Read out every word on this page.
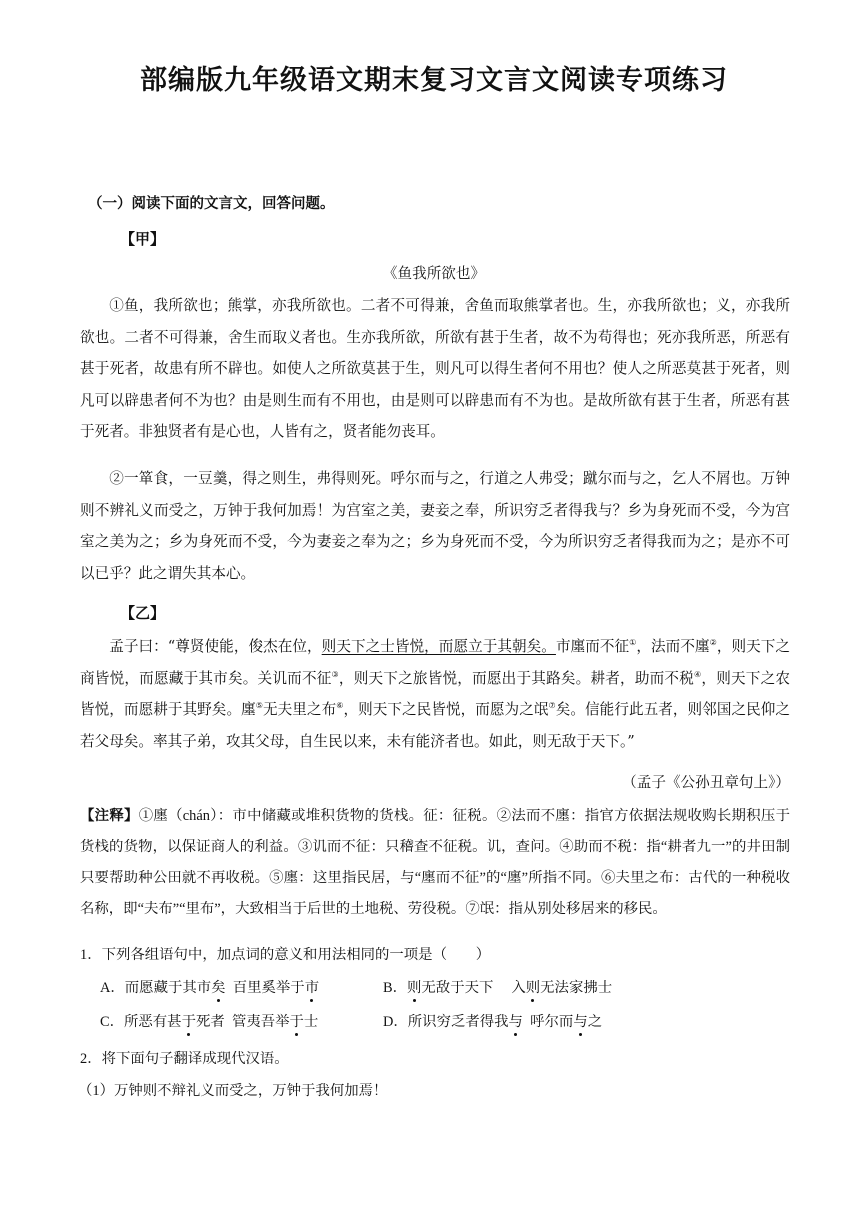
部编版九年级语文期末复习文言文阅读专项练习
（一）阅读下面的文言文，回答问题。
【甲】
《鱼我所欲也》
①鱼，我所欲也；熊掌，亦我所欲也。二者不可得兼，舍鱼而取熊掌者也。生，亦我所欲也；义，亦我所欲也。二者不可得兼，舍生而取义者也。生亦我所欲，所欲有甚于生者，故不为苟得也；死亦我所恶，所恶有甚于死者，故患有所不辟也。如使人之所欲莫甚于生，则凡可以得生者何不用也？使人之所恶莫甚于死者，则凡可以辟患者何不为也？由是则生而有不用也，由是则可以辟患而有不为也。是故所欲有甚于生者，所恶有甚于死者。非独贤者有是心也，人皆有之，贤者能勿丧耳。
②一箪食，一豆羹，得之则生，弗得则死。呼尔而与之，行道之人弗受；蹴尔而与之，乞人不屑也。万钟则不辨礼义而受之，万钟于我何加焉！为宫室之美，妻妾之奉，所识穷乏者得我与？乡为身死而不受，今为宫室之美为之；乡为身死而不受，今为妻妾之奉为之；乡为身死而不受，今为所识穷乏者得我而为之；是亦不可以已乎？此之谓失其本心。
【乙】
孟子曰：“尊贤使能，俊杰在位，则天下之士皆悦，而愿立于其朝矣。市廛而不征①，法而不廛②，则天下之商皆悦，而愿藏于其市矣。关讥而不征③，则天下之旅皆悦，而愿出于其路矣。耕者，助而不税④，则天下之农皆悦，而愿耕于其野矣。廛⑤无夫里之布⑥，则天下之民皆悦，而愿为之氓⑦矣。信能行此五者，则邻国之民仰之若父母矣。率其子弟，攻其父母，自生民以来，未有能济者也。如此，则无敌于天下。”
（孟子《公孙丑章句上》）
【注释】①廛（chán）：市中储藏或堆积货物的货栈。征：征税。②法而不廛：指官方依据法规收购长期积压于货栈的货物，以保证商人的利益。③讥而不征：只稽查不征税。讥，查问。④助而不税：指“耕者九一”的井田制只要帮助种公田就不再收税。⑤廛：这里指民居，与“廛而不征”的“廛”所指不同。⑥夫里之布：古代的一种税收名称，即“夫布”“里布”，大致相当于后世的土地税、劳役税。⑦氓：指从别处移居来的移民。
1．下列各组语句中，加点词的意义和用法相同的一项是（　　）
A．而愿藏于其市矣  百里奚举于市	B．则无敌于天下　 入则无法家拂士
C．所恶有甚于死者  管夷吾举于士	D．所识穷乏者得我与  呼尔而与之
2．将下面句子翻译成现代汉语。
（1）万钟则不辩礼义而受之，万钟于我何加焉！
